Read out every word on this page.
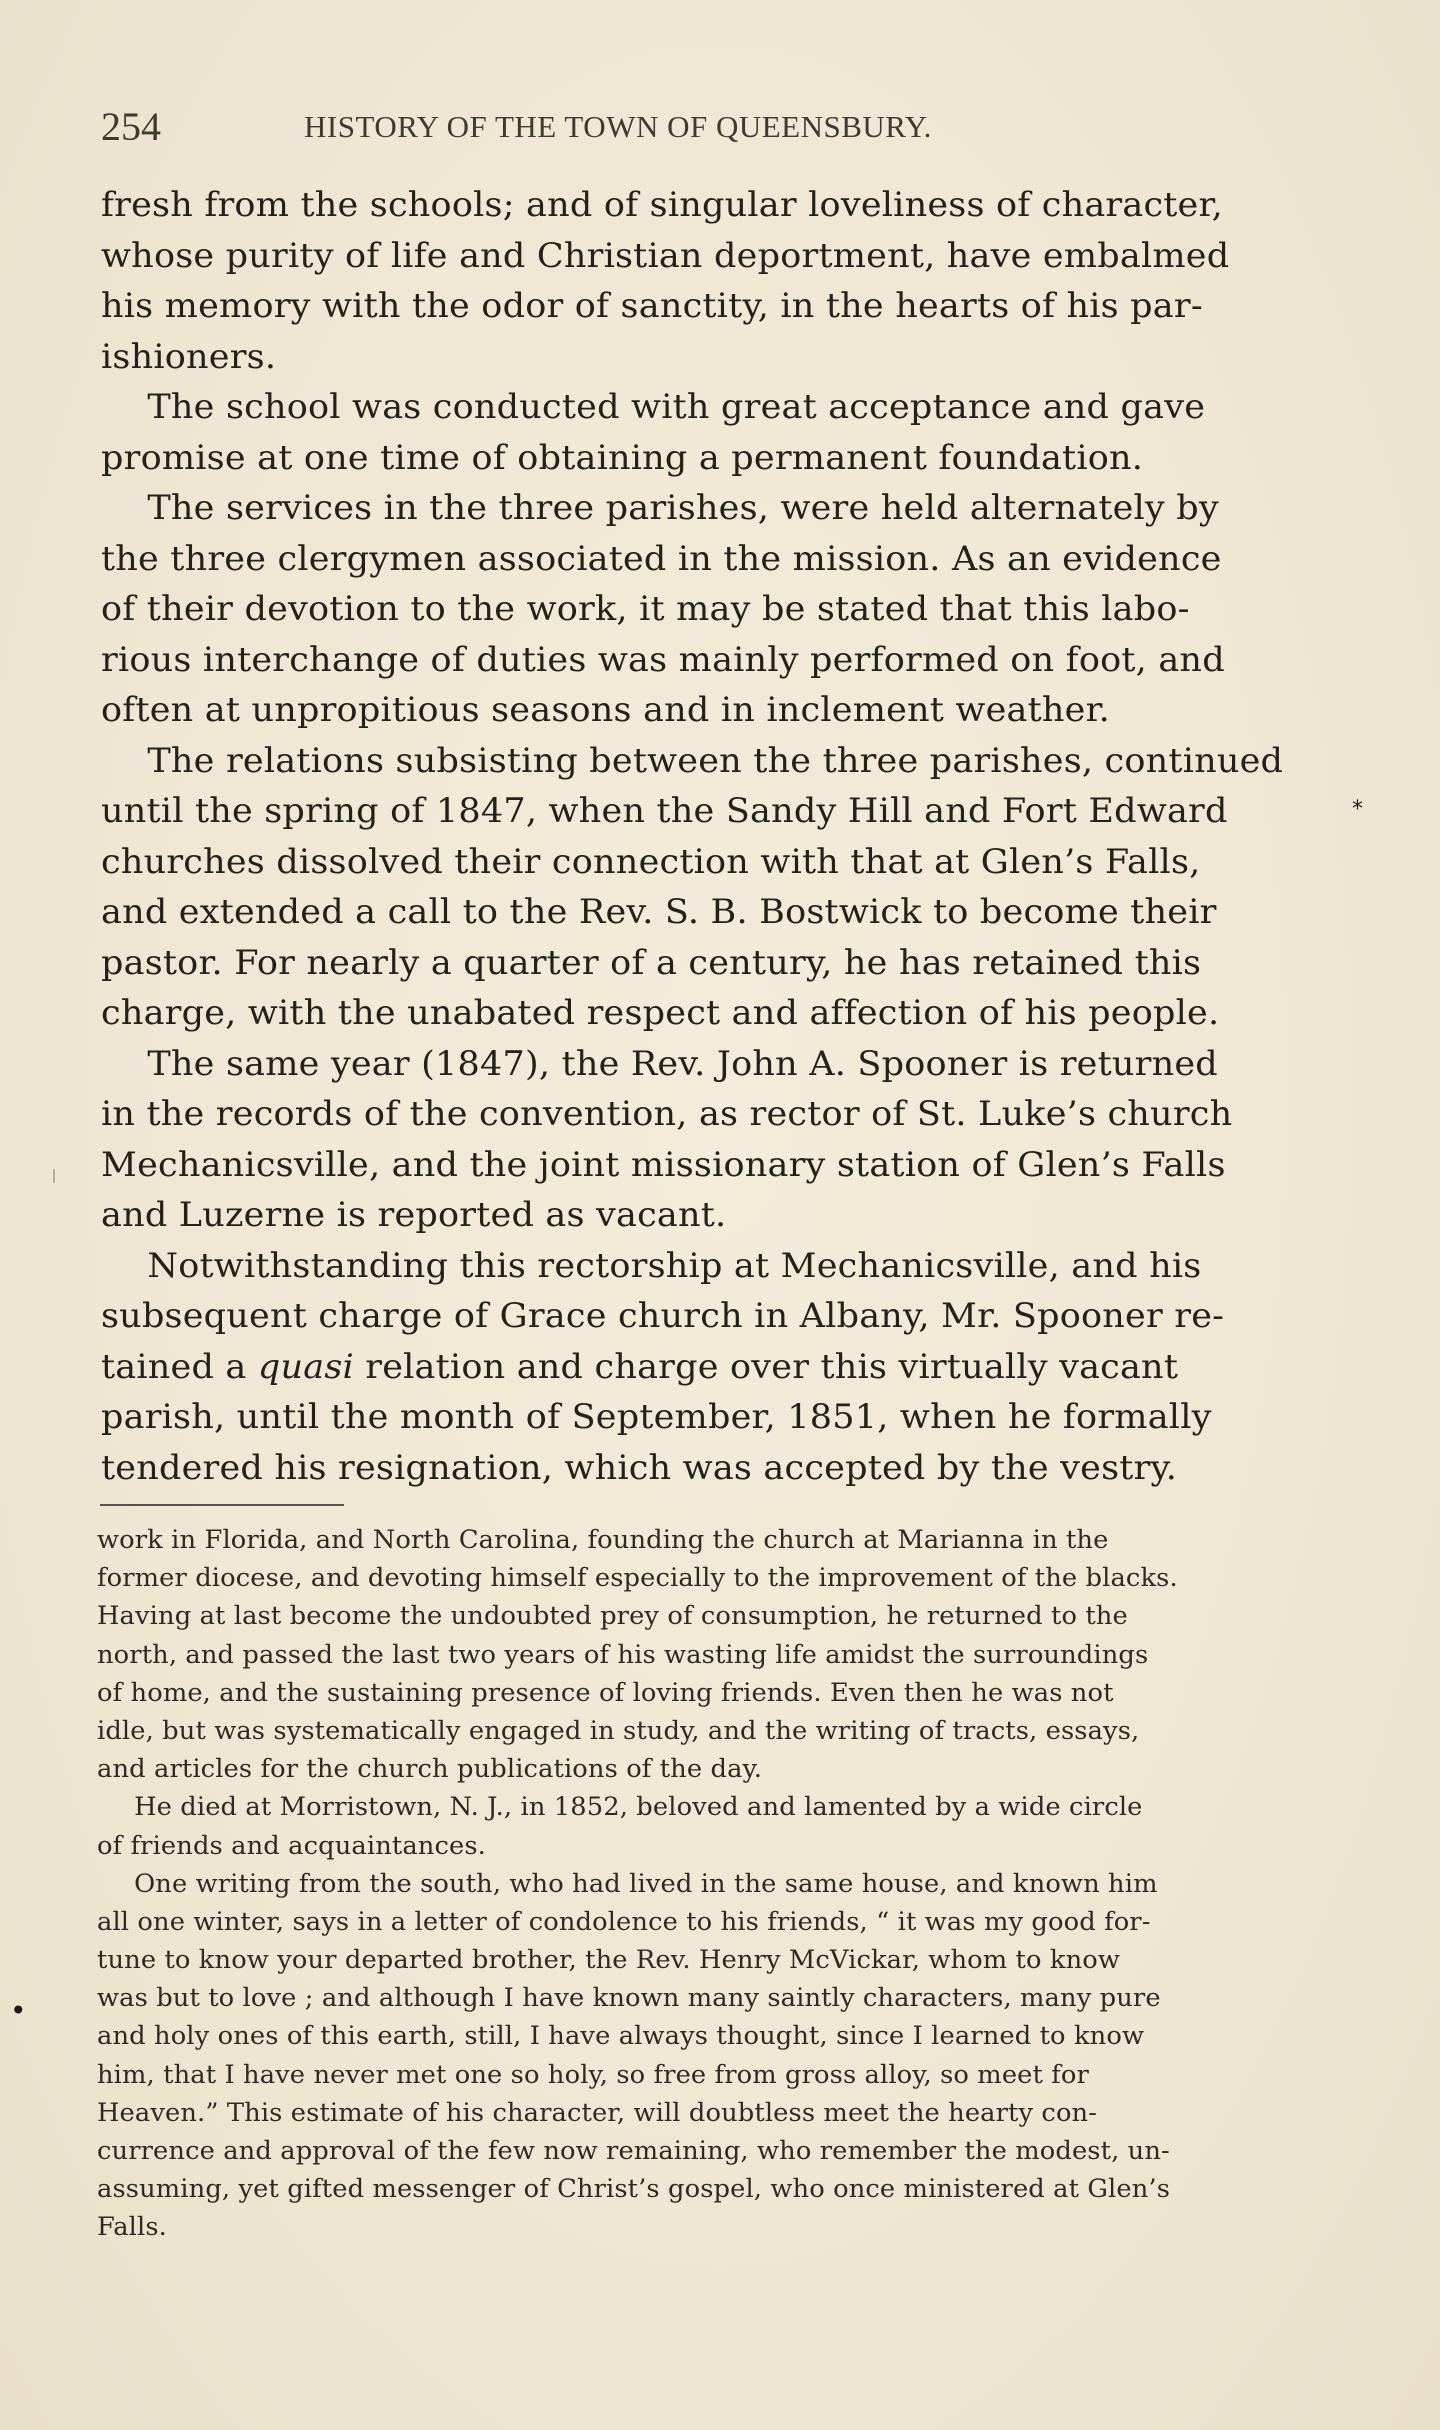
254	HISTORY OF THE TOWN OF QUEENSBURY.
fresh from the schools; and of singular loveliness of character,
whose purity of life and Christian deportment, have embalmed
his memory with the odor of sanctity, in the hearts of his par-
ishioners.
The school was conducted with great acceptance and gave
promise at one time of obtaining a permanent foundation.
The services in the three parishes, were held alternately by
the three clergymen associated in the mission. As an evidence
of their devotion to the work, it may be stated that this labo-
rious interchange of duties was mainly performed on foot, and
often at unpropitious seasons and in inclement weather.
The relations subsisting between the three parishes, continued
until the spring of 1847, when the Sandy Hill and Fort Edward
churches dissolved their connection with that at Glen’s Falls,
and extended a call to the Rev. S. B. Bostwick to become their
pastor. For nearly a quarter of a century, he has retained this
charge, with the unabated respect and affection of his people.
The same year (1847), the Rev. John A. Spooner is returned
in the records of the convention, as rector of St. Luke’s church
Mechanicsville, and the joint missionary station of Glen’s Falls
and Luzerne is reported as vacant.
Notwithstanding this rectorship at Mechanicsville, and his
subsequent charge of Grace church in Albany, Mr. Spooner re-
tained a quasi relation and charge over this virtually vacant
parish, until the month of September, 1851, when he formally
tendered his resignation, which was accepted by the vestry.
work in Florida, and North Carolina, founding the church at Marianna in the
former diocese, and devoting himself especially to the improvement of the blacks.
Having at last become the undoubted prey of consumption, he returned to the
north, and passed the last two years of his wasting life amidst the surroundings
of home, and the sustaining presence of loving friends. Even then he was not
idle, but was systematically engaged in study, and the writing of tracts, essays,
and articles for the church publications of the day.
He died at Morristown, N. J., in 1852, beloved and lamented by a wide circle
of friends and acquaintances.
One writing from the south, who had lived in the same house, and known him
all one winter, says in a letter of condolence to his friends, “ it was my good for-
tune to know your departed brother, the Rev. Henry McVickar, whom to know
was but to love ; and although I have known many saintly characters, many pure
and holy ones of this earth, still, I have always thought, since I learned to know
him, that I have never met one so holy, so free from gross alloy, so meet for
Heaven.” This estimate of his character, will doubtless meet the hearty con-
currence and approval of the few now remaining, who remember the modest, un-
assuming, yet gifted messenger of Christ’s gospel, who once ministered at Glen’s
Falls.
*
•
